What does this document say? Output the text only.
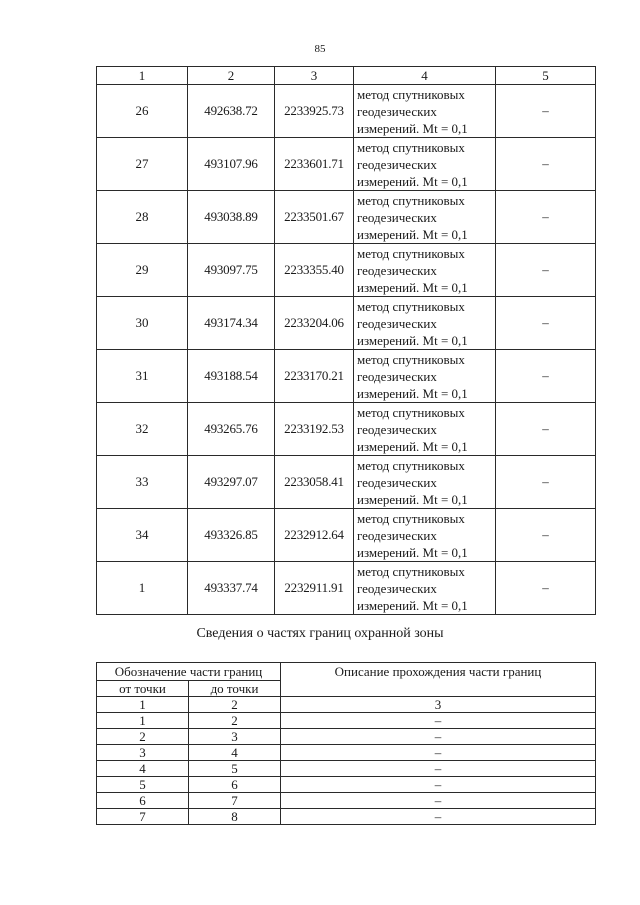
85
1	2	3	4	5
26	492638.72	2233925.73	метод спутниковых
геодезических
измерений. Mt = 0,1	–
27	493107.96	2233601.71	метод спутниковых
геодезических
измерений. Mt = 0,1	–
28	493038.89	2233501.67	метод спутниковых
геодезических
измерений. Mt = 0,1	–
29	493097.75	2233355.40	метод спутниковых
геодезических
измерений. Mt = 0,1	–
30	493174.34	2233204.06	метод спутниковых
геодезических
измерений. Mt = 0,1	–
31	493188.54	2233170.21	метод спутниковых
геодезических
измерений. Mt = 0,1	–
32	493265.76	2233192.53	метод спутниковых
геодезических
измерений. Mt = 0,1	–
33	493297.07	2233058.41	метод спутниковых
геодезических
измерений. Mt = 0,1	–
34	493326.85	2232912.64	метод спутниковых
геодезических
измерений. Mt = 0,1	–
1	493337.74	2232911.91	метод спутниковых
геодезических
измерений. Mt = 0,1	–
Сведения о частях границ охранной зоны
Обозначение части границ		Описание прохождения части границ
от точки	до точки	
1	2	3
1	2	–
2	3	–
3	4	–
4	5	–
5	6	–
6	7	–
7	8	–
